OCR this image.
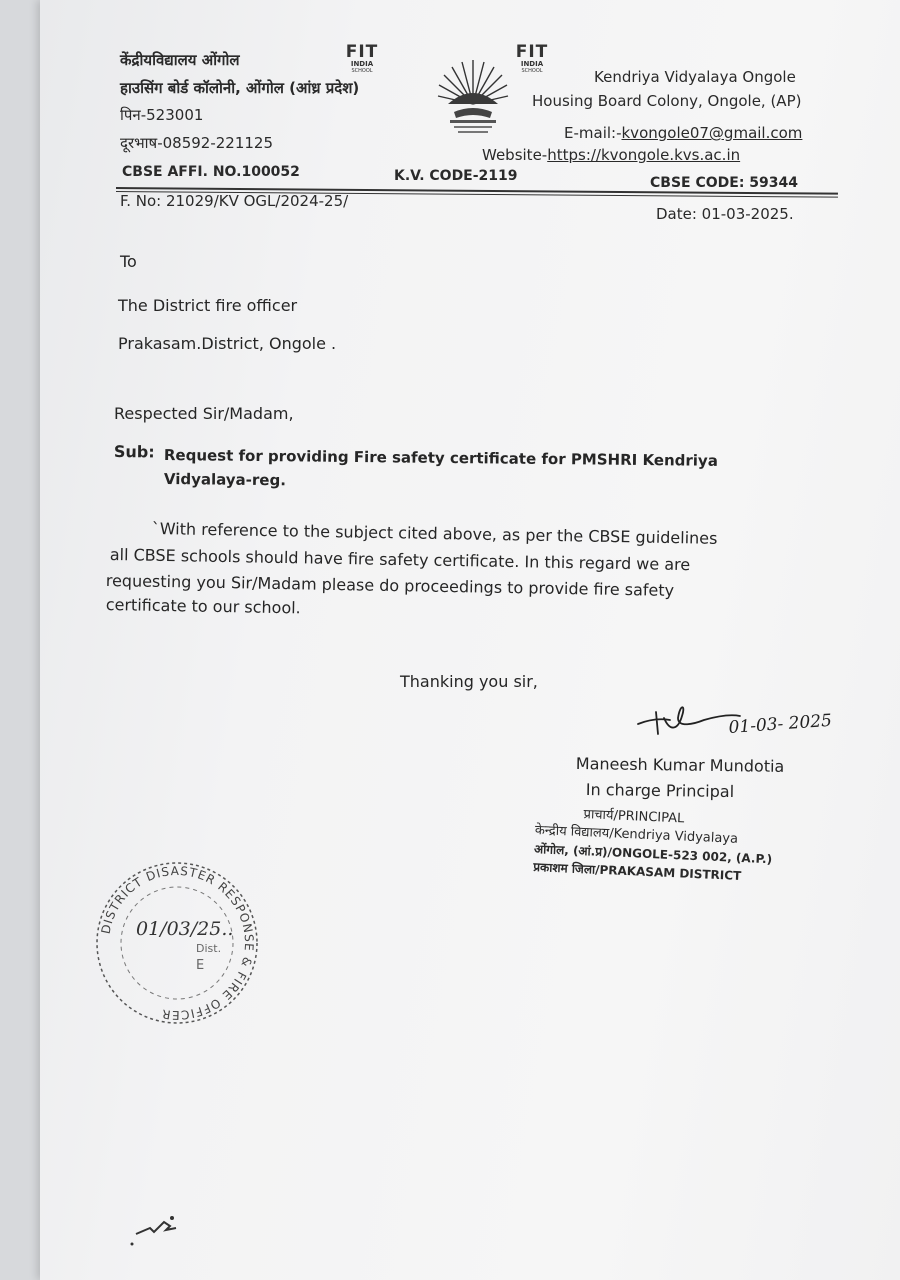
केंद्रीयविद्यालय ओंगोल
हाउसिंग बोर्ड कॉलोनी, ओंगोल (आंध्र प्रदेश)
पिन-523001
दूरभाष-08592-221125
FIT
INDIA
SCHOOL
FIT
INDIA
SCHOOL	Kendriya Vidyalaya Ongole
Housing Board Colony, Ongole, (AP)
E-mail:-kvongole07@gmail.com
Website-https://kvongole.kvs.ac.in
CBSE AFFI. NO.100052	K.V. CODE-2119	CBSE CODE: 59344
F. No: 21029/KV OGL/2024-25/
Date: 01-03-2025.
To
The District fire officer
Prakasam.District, Ongole .
Respected Sir/Madam,
Sub: Request for providing Fire safety certificate for PMSHRI Kendriya
Vidyalaya-reg.
`With reference to the subject cited above, as per the CBSE guidelines
all CBSE schools should have fire safety certificate. In this regard we are
requesting you Sir/Madam please do proceedings to provide fire safety
certificate to our school.
Thanking you sir,
01-03- 2025
Maneesh Kumar Mundotia
In charge Principal
प्राचार्य/PRINCIPAL
केन्द्रीय विद्यालय/Kendriya Vidyalaya
ओंगोल, (आं.प्र)/ONGOLE-523 002, (A.P.)
प्रकाशम जिला/PRAKASAM DISTRICT
DISTRICT DISASTER RESPONSE & FIRE OFFICER
01/03/25..
Dist.
E
